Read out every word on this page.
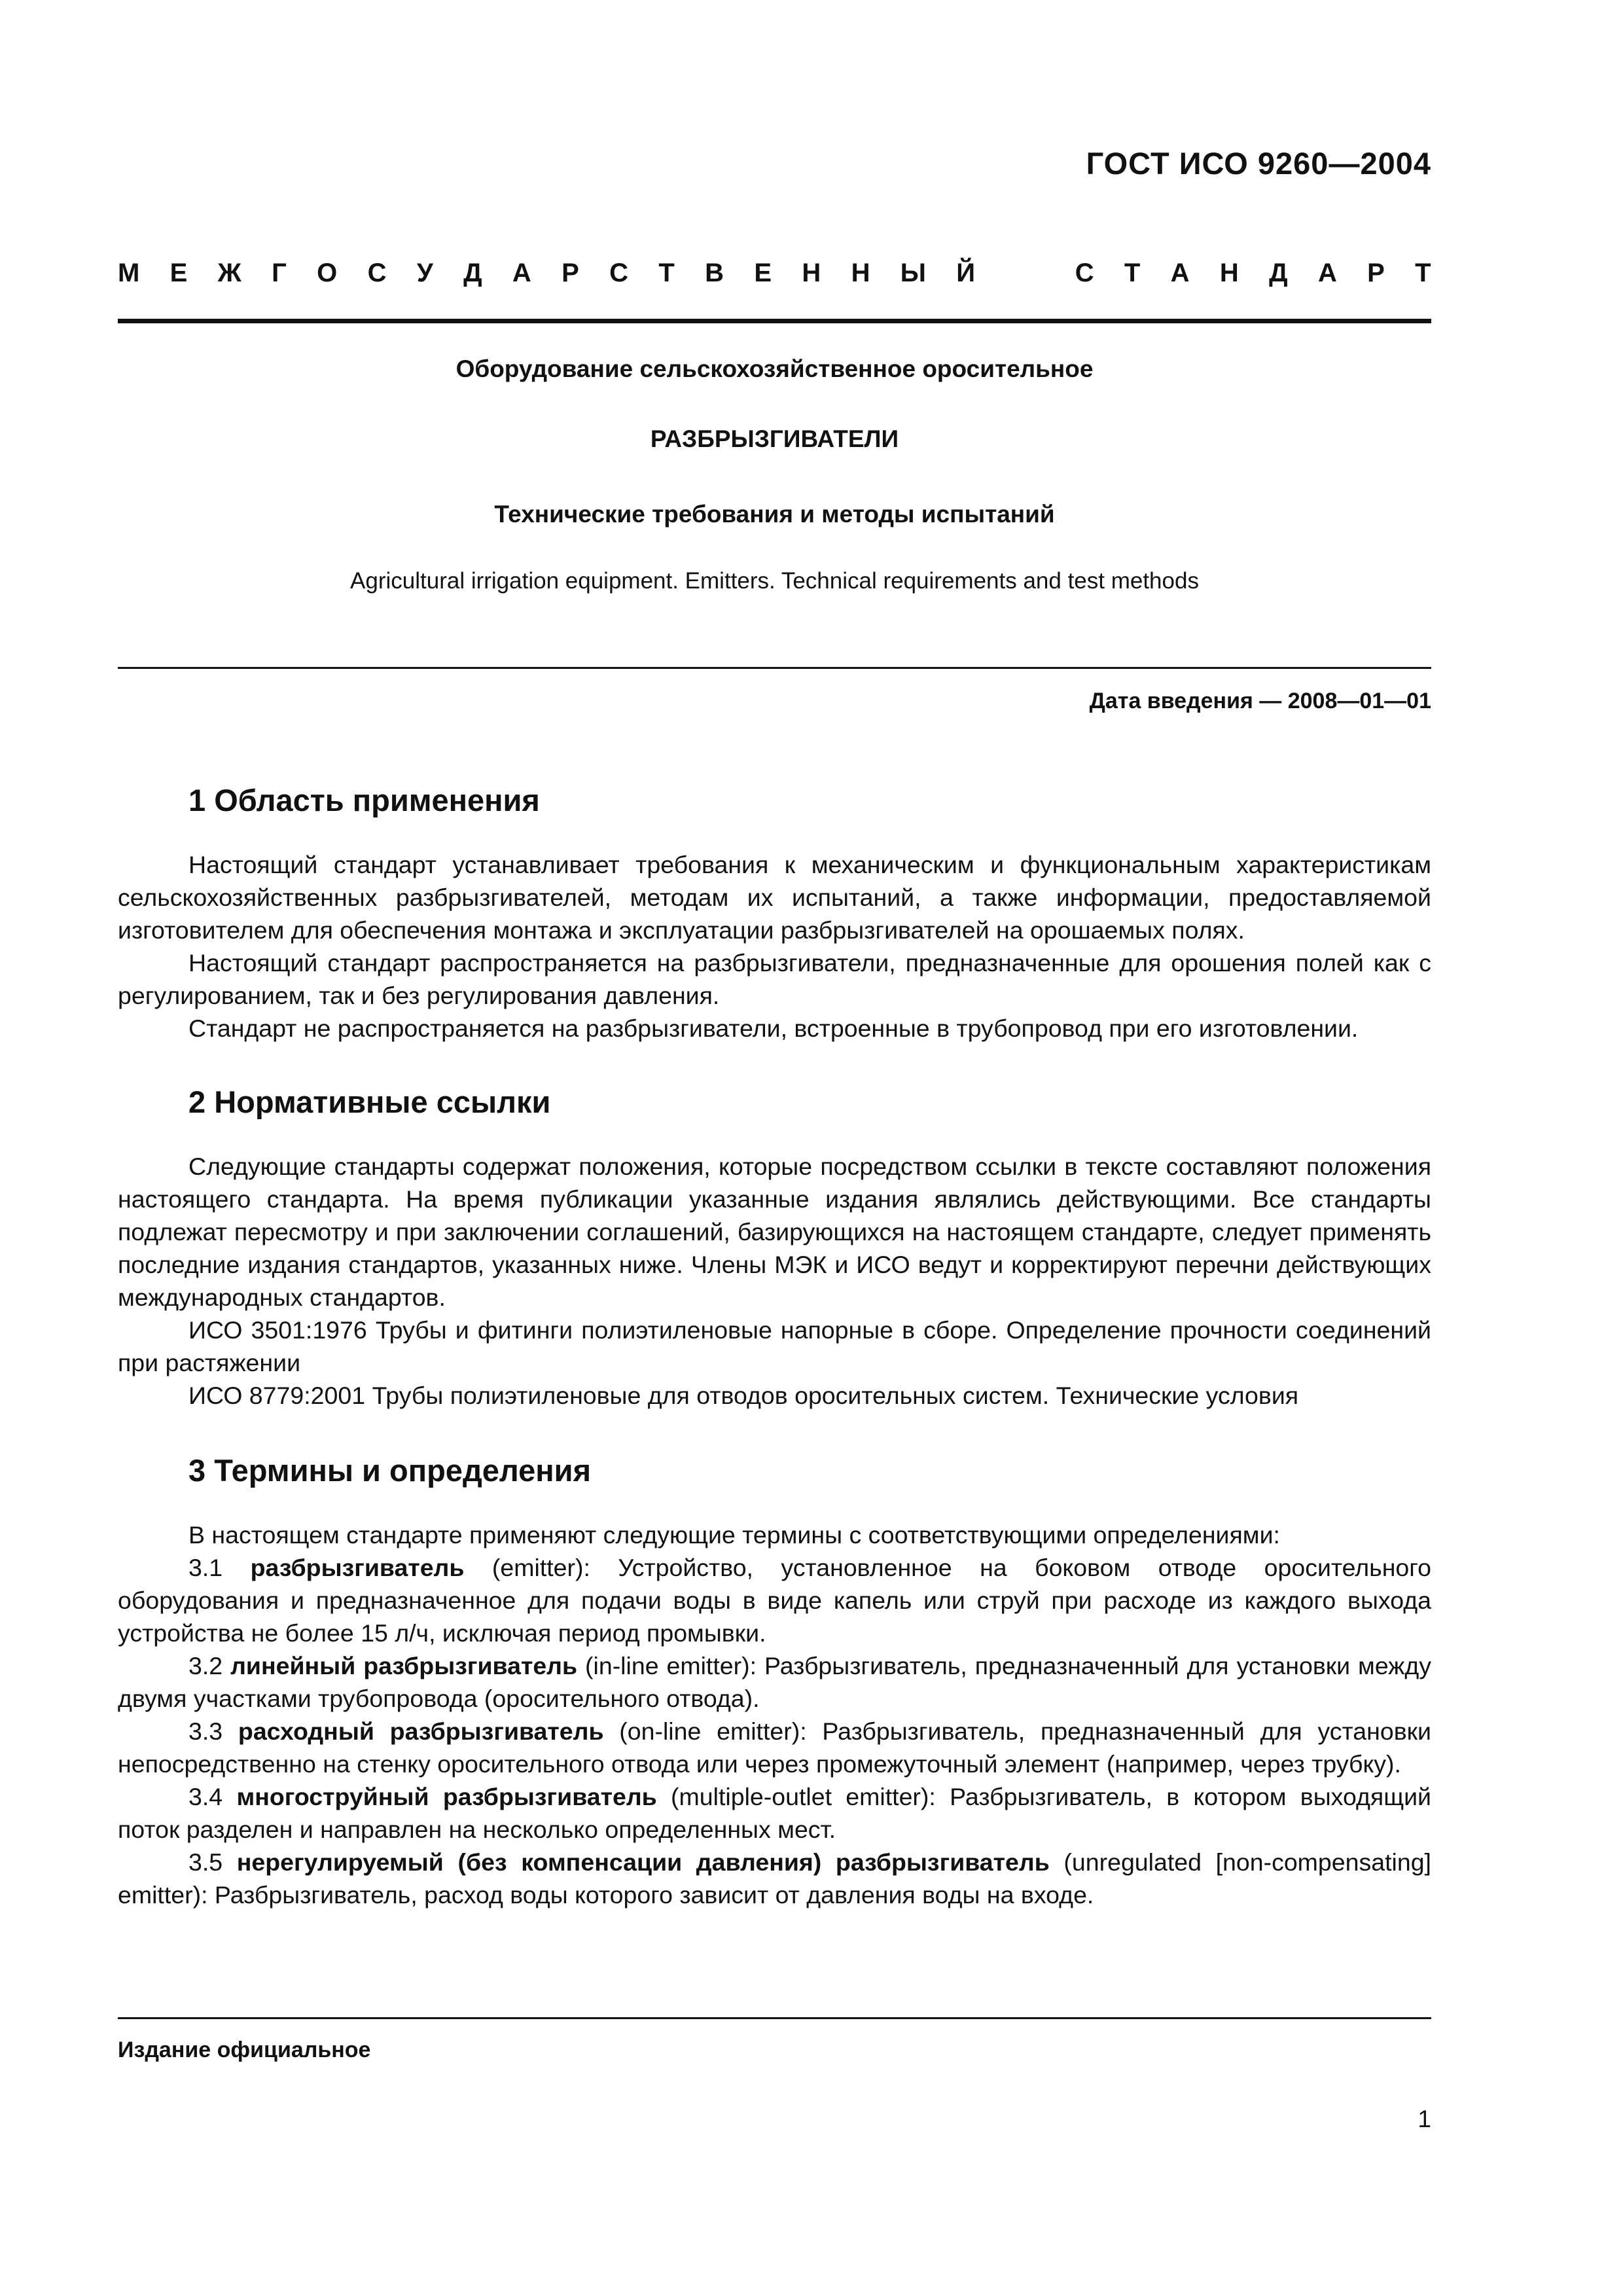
ГОСТ ИСО 9260—2004
М Е Ж Г О С У Д А Р С Т В Е Н Н Ы Й	С Т А Н Д А Р Т
Оборудование сельскохозяйственное оросительное
РАЗБРЫЗГИВАТЕЛИ
Технические требования и методы испытаний
Agricultural irrigation equipment. Emitters. Technical requirements and test methods
Дата введения — 2008—01—01
1 Область применения

Настоящий стандарт устанавливает требования к механическим и функциональным характеристикам сельскохозяйственных разбрызгивателей, методам их испытаний, а также информации, предоставляемой изготовителем для обеспечения монтажа и эксплуатации разбрызгивателей на орошаемых полях.

Настоящий стандарт распространяется на разбрызгиватели, предназначенные для орошения полей как с регулированием, так и без регулирования давления.

Стандарт не распространяется на разбрызгиватели, встроенные в трубопровод при его изготовлении.

2 Нормативные ссылки

Следующие стандарты содержат положения, которые посредством ссылки в тексте составляют положения настоящего стандарта. На время публикации указанные издания являлись действующими. Все стандарты подлежат пересмотру и при заключении соглашений, базирующихся на настоящем стандарте, следует применять последние издания стандартов, указанных ниже. Члены МЭК и ИСО ведут и корректируют перечни действующих международных стандартов.

ИСО 3501:1976 Трубы и фитинги полиэтиленовые напорные в сборе. Определение прочности соединений при растяжении

ИСО 8779:2001 Трубы полиэтиленовые для отводов оросительных систем. Технические условия

3 Термины и определения

В настоящем стандарте применяют следующие термины с соответствующими определениями:

3.1 разбрызгиватель (emitter): Устройство, установленное на боковом отводе оросительного оборудования и предназначенное для подачи воды в виде капель или струй при расходе из каждого выхода устройства не более 15 л/ч, исключая период промывки.

3.2 линейный разбрызгиватель (in-line emitter): Разбрызгиватель, предназначенный для установки между двумя участками трубопровода (оросительного отвода).

3.3 расходный разбрызгиватель (on-line emitter): Разбрызгиватель, предназначенный для установки непосредственно на стенку оросительного отвода или через промежуточный элемент (например, через трубку).

3.4 многоструйный разбрызгиватель (multiple-outlet emitter): Разбрызгиватель, в котором выходящий поток разделен и направлен на несколько определенных мест.

3.5 нерегулируемый (без компенсации давления) разбрызгиватель (unregulated [non-compensating] emitter): Разбрызгиватель, расход воды которого зависит от давления воды на входе.

Издание официальное
1
